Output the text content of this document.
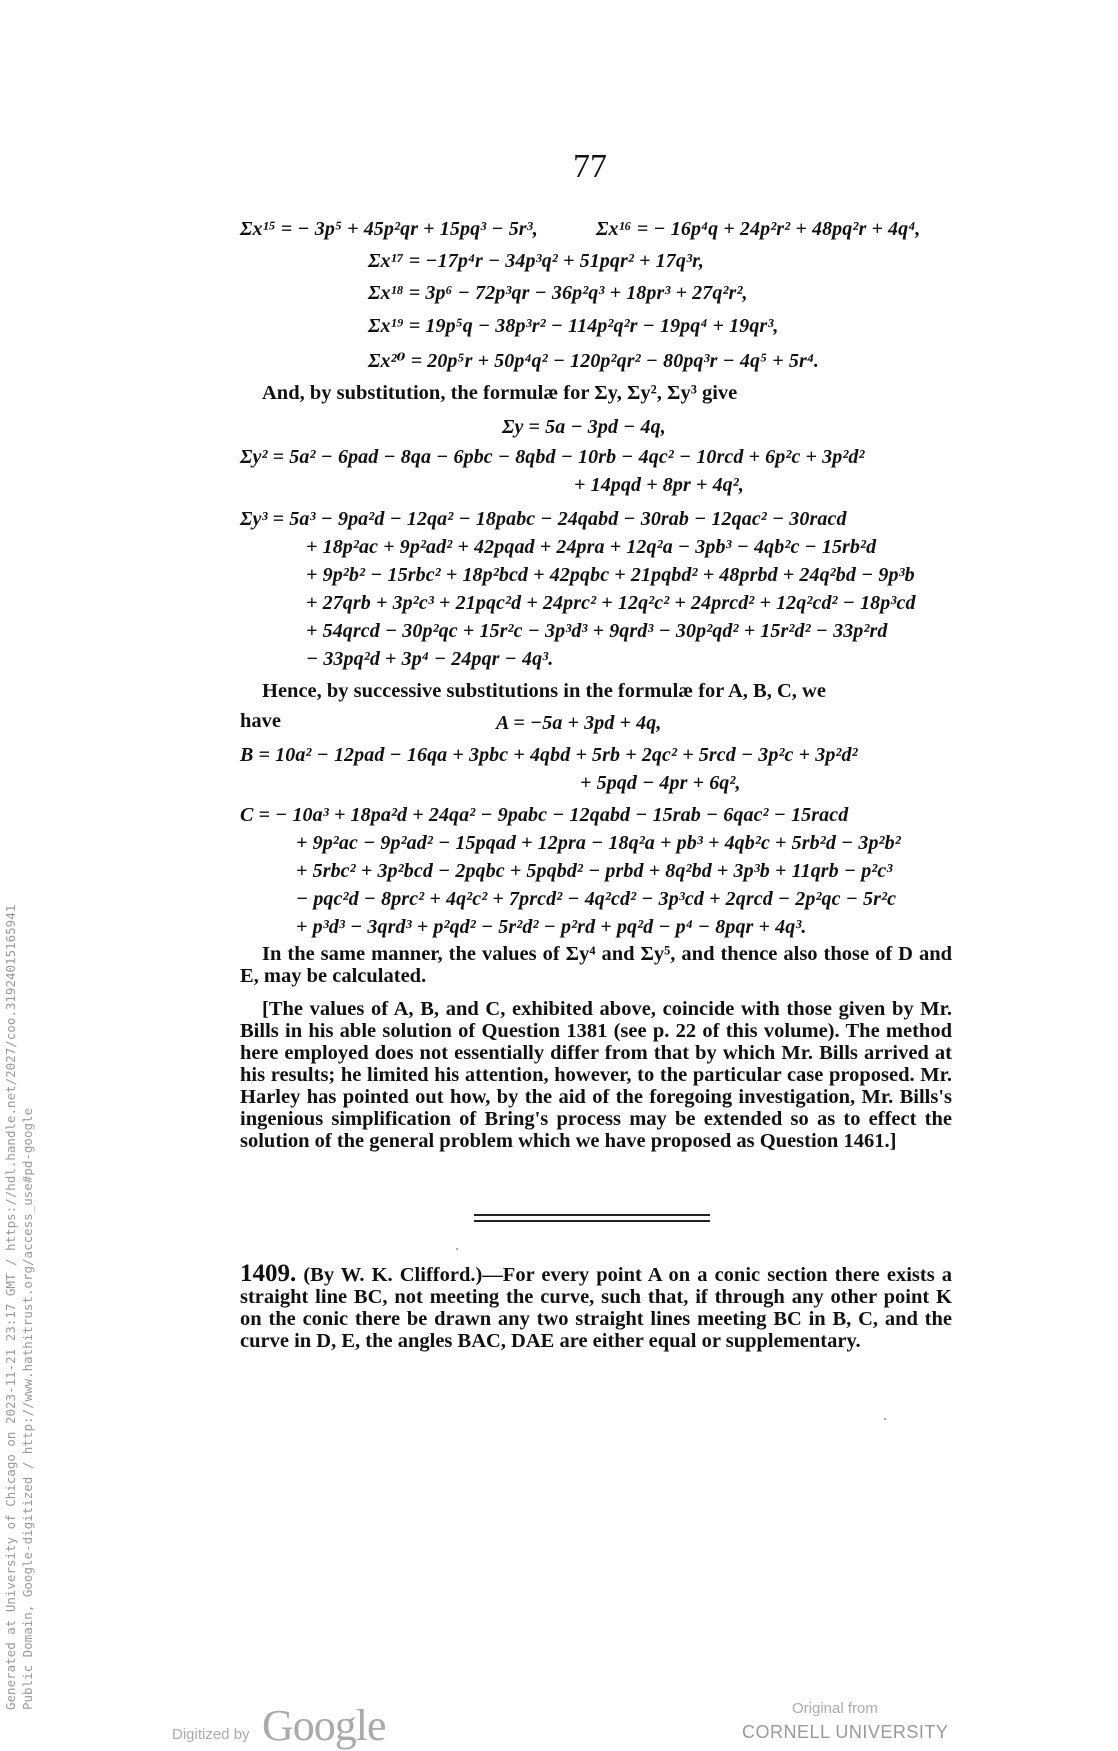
77
Σx¹⁵ = − 3p⁵ + 45p²qr + 15pq³ − 5r³,	Σx¹⁶ = − 16p⁴q + 24p²r² + 48pq²r + 4q⁴,
Σx¹⁷ = −17p⁴r − 34p³q² + 51pqr² + 17q³r,
Σx¹⁸ = 3p⁶ − 72p³qr − 36p²q³ + 18pr³ + 27q²r²,
Σx¹⁹ = 19p⁵q − 38p³r² − 114p²q²r − 19pq⁴ + 19qr³,
Σx²⁰ = 20p⁵r + 50p⁴q² − 120p²qr² − 80pq³r − 4q⁵ + 5r⁴.
And, by substitution, the formulæ for Σy, Σy², Σy³ give
Σy = 5a − 3pd − 4q,
Σy² = 5a² − 6pad − 8qa − 6pbc − 8qbd − 10rb − 4qc² − 10rcd + 6p²c + 3p²d²
+ 14pqd + 8pr + 4q²,
Σy³ = 5a³ − 9pa²d − 12qa² − 18pabc − 24qabd − 30rab − 12qac² − 30racd
+ 18p²ac + 9p²ad² + 42pqad + 24pra + 12q²a − 3pb³ − 4qb²c − 15rb²d
+ 9p²b² − 15rbc² + 18p²bcd + 42pqbc + 21pqbd² + 48prbd + 24q²bd − 9p³b
+ 27qrb + 3p²c³ + 21pqc²d + 24prc² + 12q²c² + 24prcd² + 12q²cd² − 18p³cd
+ 54qrcd − 30p²qc + 15r²c − 3p³d³ + 9qrd³ − 30p²qd² + 15r²d² − 33p²rd
− 33pq²d + 3p⁴ − 24pqr − 4q³.
Hence, by successive substitutions in the formulæ for A, B, C, we
have	A = −5a + 3pd + 4q,
B = 10a² − 12pad − 16qa + 3pbc + 4qbd + 5rb + 2qc² + 5rcd − 3p²c + 3p²d²
+ 5pqd − 4pr + 6q²,
C = − 10a³ + 18pa²d + 24qa² − 9pabc − 12qabd − 15rab − 6qac² − 15racd
+ 9p²ac − 9p²ad² − 15pqad + 12pra − 18q²a + pb³ + 4qb²c + 5rb²d − 3p²b²
+ 5rbc² + 3p²bcd − 2pqbc + 5pqbd² − prbd + 8q²bd + 3p³b + 11qrb − p²c³
− pqc²d − 8prc² + 4q²c² + 7prcd² − 4q²cd² − 3p³cd + 2qrcd − 2p²qc − 5r²c
+ p³d³ − 3qrd³ + p²qd² − 5r²d² − p²rd + pq²d − p⁴ − 8pqr + 4q³.
In the same manner, the values of Σy⁴ and Σy⁵, and thence also those of D and E, may be calculated.
[The values of A, B, and C, exhibited above, coincide with those given by Mr. Bills in his able solution of Question 1381 (see p. 22 of this volume). The method here employed does not essentially differ from that by which Mr. Bills arrived at his results; he limited his attention, however, to the particular case proposed. Mr. Harley has pointed out how, by the aid of the foregoing investigation, Mr. Bills's ingenious simplification of Bring's process may be extended so as to effect the solution of the general problem which we have proposed as Question 1461.]
1409. (By W. K. Clifford.)—For every point A on a conic section there exists a straight line BC, not meeting the curve, such that, if through any other point K on the conic there be drawn any two straight lines meeting BC in B, C, and the curve in D, E, the angles BAC, DAE are either equal or supplementary.
Generated at University of Chicago on 2023-11-21 23:17 GMT / https://hdl.handle.net/2027/coo.31924015165941 Public Domain, Google-digitized / http://www.hathitrust.org/access_use#pd-google
Digitized by Google	Original from
CORNELL UNIVERSITY
